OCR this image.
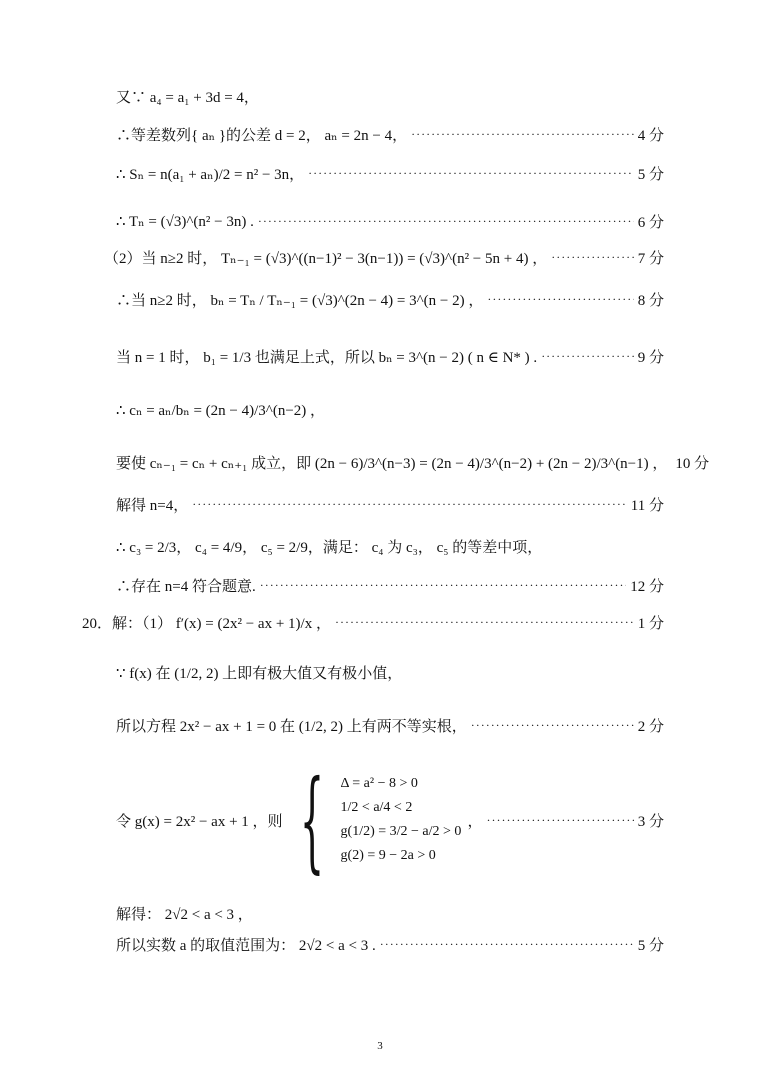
又∵ a₄ = a₁ + 3d = 4，
∴等差数列{ aₙ }的公差 d = 2， aₙ = 2n − 4， ·····	4 分
∴ Sₙ = n(a₁ + aₙ)/2 = n² − 3n， ·····	5 分
∴ Tₙ = (√3)^(n² − 3n) . ·····	6 分
（2）当 n≥2 时， Tₙ₋₁ = (√3)^((n−1)² − 3(n−1)) = (√3)^(n² − 5n + 4) ， ·····	7 分
∴当 n≥2 时， bₙ = Tₙ / Tₙ₋₁ = (√3)^(2n − 4) = 3^(n − 2) ， ·····	8 分
当 n = 1 时， b₁ = 1/3 也满足上式，所以 bₙ = 3^(n − 2) ( n ∈ N* ) . ·····	9 分
∴ cₙ = aₙ/bₙ = (2n − 4)/3^(n−2) ，
要使 cₙ₋₁ = cₙ + cₙ₊₁ 成立，即 (2n − 6)/3^(n−3) = (2n − 4)/3^(n−2) + (2n − 2)/3^(n−1) ， 10 分
解得 n=4， ·····	11 分
∴ c₃ = 2/3， c₄ = 4/9， c₅ = 2/9，满足： c₄ 为 c₃， c₅ 的等差中项，
∴存在 n=4 符合题意. ·····	12 分
20．解：（1） f′(x) = (2x² − ax + 1)/x ， ·····	1 分
∵ f(x) 在 (1/2, 2) 上即有极大值又有极小值，
所以方程 2x² − ax + 1 = 0 在 (1/2, 2) 上有两不等实根， ·····	2 分
令 g(x) = 2x² − ax + 1 ，则 { Δ = a² − 8 > 0
1/2 < a/4 < 2
g(1/2) = 3/2 − a/2 > 0
g(2) = 9 − 2a > 0
， ·····	3 分
解得： 2√2 < a < 3 ，
所以实数 a 的取值范围为： 2√2 < a < 3 . ·····	5 分
3
